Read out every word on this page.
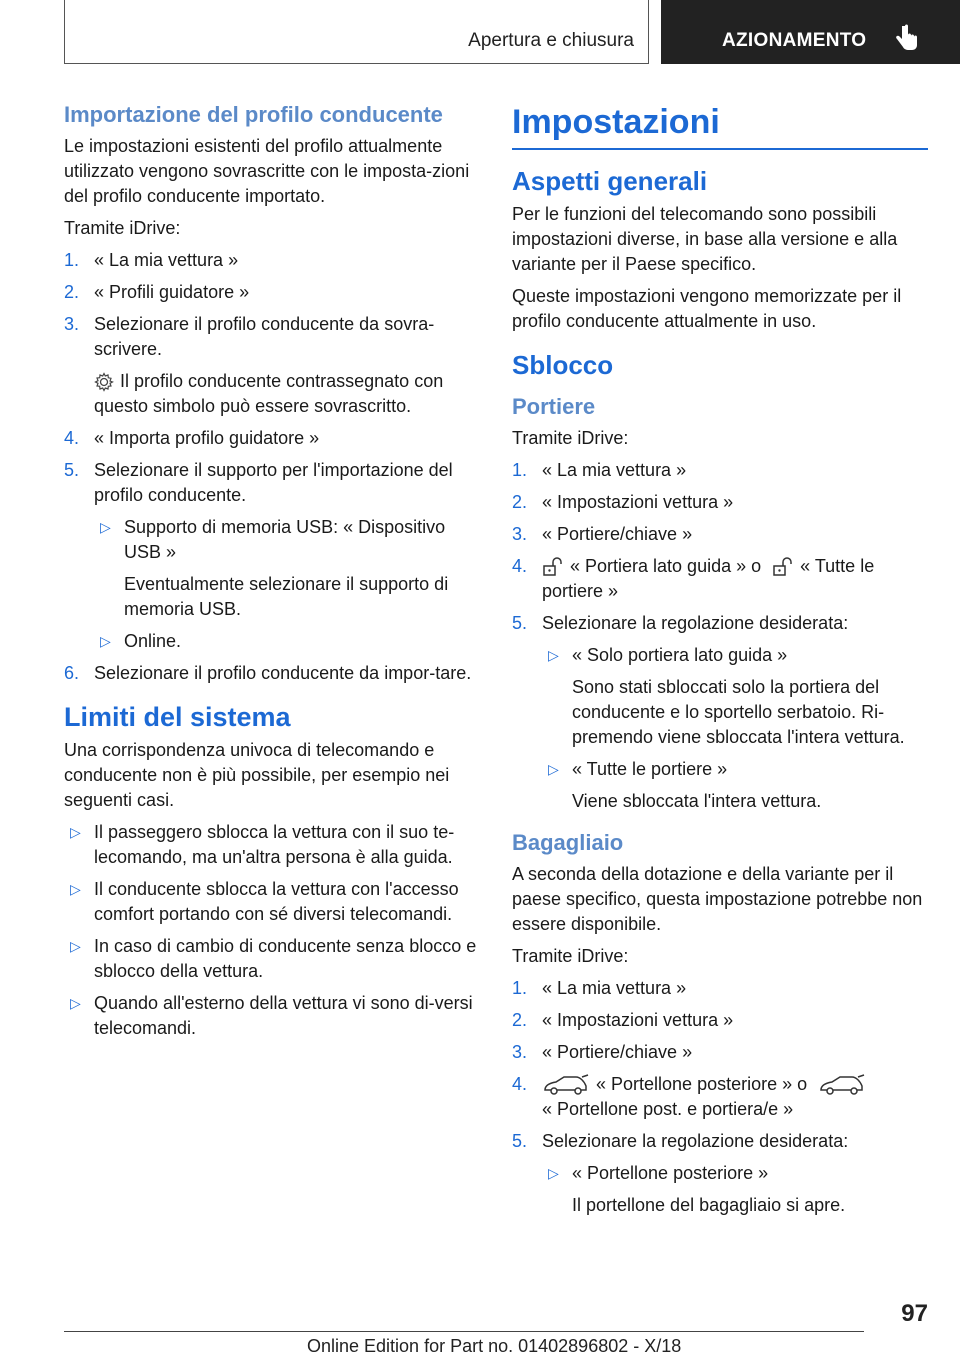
Apertura e chiusura	AZIONAMENTO
Importazione del profilo conducente
Le impostazioni esistenti del profilo attualmente utilizzato vengono sovrascritte con le imposta-zioni del profilo conducente importato.
Tramite iDrive:
1. « La mia vettura »
2. « Profili guidatore »
3. Selezionare il profilo conducente da sovra-scrivere.
Il profilo conducente contrassegnato con questo simbolo può essere sovrascritto.
4. « Importa profilo guidatore »
5. Selezionare il supporto per l'importazione del profilo conducente.
▷ Supporto di memoria USB: « Dispositivo USB »
Eventualmente selezionare il supporto di memoria USB.
▷ Online.
6. Selezionare il profilo conducente da impor-tare.
Limiti del sistema
Una corrispondenza univoca di telecomando e conducente non è più possibile, per esempio nei seguenti casi.
▷ Il passeggero sblocca la vettura con il suo te-lecomando, ma un'altra persona è alla guida.
▷ Il conducente sblocca la vettura con l'accesso comfort portando con sé diversi telecomandi.
▷ In caso di cambio di conducente senza blocco e sblocco della vettura.
▷ Quando all'esterno della vettura vi sono di-versi telecomandi.
Impostazioni
Aspetti generali
Per le funzioni del telecomando sono possibili impostazioni diverse, in base alla versione e alla variante per il Paese specifico.
Queste impostazioni vengono memorizzate per il profilo conducente attualmente in uso.
Sblocco
Portiere
Tramite iDrive:
1. « La mia vettura »
2. « Impostazioni vettura »
3. « Portiere/chiave »
4. « Portiera lato guida » o « Tutte le portiere »
5. Selezionare la regolazione desiderata:
▷ « Solo portiera lato guida »
Sono stati sbloccati solo la portiera del conducente e lo sportello serbatoio. Ri-premendo viene sbloccata l'intera vettura.
▷ « Tutte le portiere »
Viene sbloccata l'intera vettura.
Bagagliaio
A seconda della dotazione e della variante per il paese specifico, questa impostazione potrebbe non essere disponibile.
Tramite iDrive:
1. « La mia vettura »
2. « Impostazioni vettura »
3. « Portiere/chiave »
4.	« Portellone posteriore » o
« Portellone post. e portiera/e »
5. Selezionare la regolazione desiderata:
▷ « Portellone posteriore »
Il portellone del bagagliaio si apre.
97
Online Edition for Part no. 01402896802 - X/18
